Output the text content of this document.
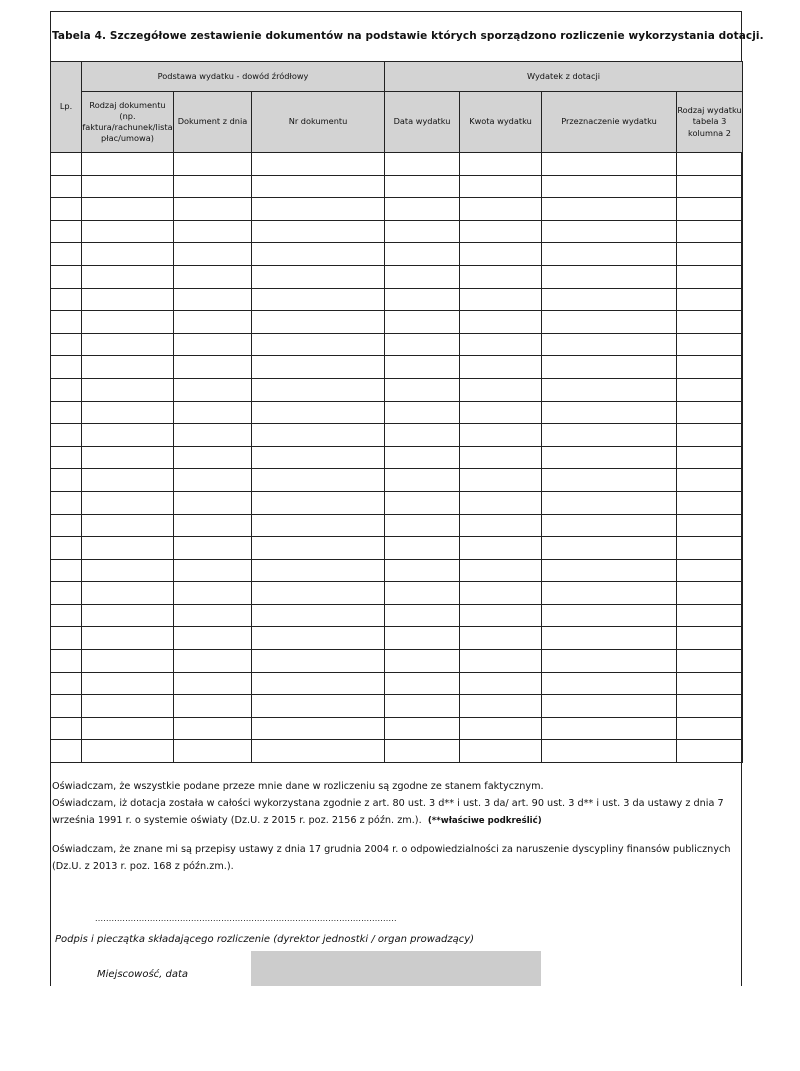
Tabela 4. Szczegółowe zestawienie dokumentów na podstawie których sporządzono rozliczenie wykorzystania dotacji.
Lp.	Podstawa wydatku - dowód źródłowy			Wydatek z dotacji			
	Rodzaj dokumentu (np. faktura/rachunek/lista płac/umowa)	Dokument z dnia	Nr dokumentu	Data wydatku	Kwota wydatku	Przeznaczenie wydatku	Rodzaj wydatku tabela 3 kolumna 2

Oświadczam, że wszystkie podane przeze mnie dane w rozliczeniu są zgodne ze stanem faktycznym.

Oświadczam, iż dotacja została w całości wykorzystana zgodnie z art. 80 ust. 3 d** i ust. 3 da/ art. 90 ust. 3 d** i ust. 3 da ustawy z dnia 7 września 1991 r. o systemie oświaty (Dz.U. z 2015 r. poz. 2156 z późn. zm.). (**właściwe podkreślić)

Oświadczam, że znane mi są przepisy ustawy z dnia 17 grudnia 2004 r. o odpowiedzialności za naruszenie dyscypliny finansów publicznych (Dz.U. z 2013 r. poz. 168 z późn.zm.).

..............................................................................................................
Podpis i pieczątka składającego rozliczenie (dyrektor jednostki / organ prowadzący)
Miejscowość, data
